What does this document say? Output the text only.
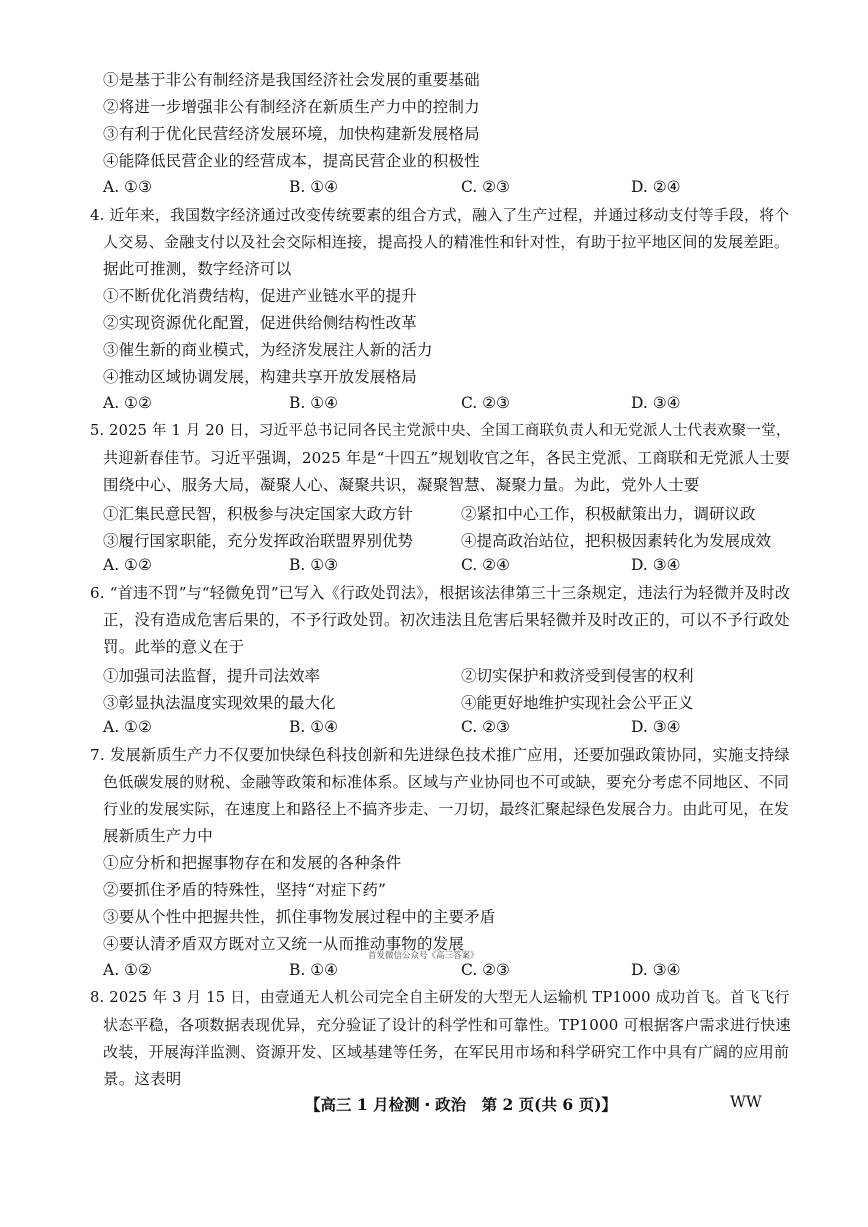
①是基于非公有制经济是我国经济社会发展的重要基础
②将进一步增强非公有制经济在新质生产力中的控制力
③有利于优化民营经济发展环境，加快构建新发展格局
④能降低民营企业的经营成本，提高民营企业的积极性
A. ①③	B. ①④	C. ②③	D. ②④
4. 近年来，我国数字经济通过改变传统要素的组合方式，融入了生产过程，并通过移动支付等手段，将个
人交易、金融支付以及社会交际相连接，提高投人的精准性和针对性，有助于拉平地区间的发展差距。
据此可推测，数字经济可以
①不断优化消费结构，促进产业链水平的提升
②实现资源优化配置，促进供给侧结构性改革
③催生新的商业模式，为经济发展注人新的活力
④推动区域协调发展，构建共享开放发展格局
A. ①②	B. ①④	C. ②③	D. ③④
5. 2025 年 1 月 20 日，习近平总书记同各民主党派中央、全国工商联负责人和无党派人士代表欢聚一堂，
共迎新春佳节。习近平强调，2025 年是“十四五”规划收官之年，各民主党派、工商联和无党派人士要
围绕中心、服务大局，凝聚人心、凝聚共识，凝聚智慧、凝聚力量。为此，党外人士要
①汇集民意民智，积极参与决定国家大政方针	②紧扣中心工作，积极献策出力，调研议政
③履行国家职能，充分发挥政治联盟界别优势	④提高政治站位，把积极因素转化为发展成效
A. ①②	B. ①③	C. ②④	D. ③④
6. “首违不罚”与“轻微免罚”已写入《行政处罚法》，根据该法律第三十三条规定，违法行为轻微并及时改
正，没有造成危害后果的，不予行政处罚。初次违法且危害后果轻微并及时改正的，可以不予行政处
罚。此举的意义在于
①加强司法监督，提升司法效率	②切实保护和救济受到侵害的权利
③彰显执法温度实现效果的最大化	④能更好地维护实现社会公平正义
A. ①②	B. ①④	C. ②③	D. ③④
7. 发展新质生产力不仅要加快绿色科技创新和先进绿色技术推广应用，还要加强政策协同，实施支持绿
色低碳发展的财税、金融等政策和标准体系。区域与产业协同也不可或缺，要充分考虑不同地区、不同
行业的发展实际，在速度上和路径上不搞齐步走、一刀切，最终汇聚起绿色发展合力。由此可见，在发
展新质生产力中
①应分析和把握事物存在和发展的各种条件
②要抓住矛盾的特殊性，坚持“对症下药”
③要从个性中把握共性，抓住事物发展过程中的主要矛盾
④要认清矛盾双方既对立又统一从而推动事物的发展
首发微信公众号《高三答案》
A. ①②	B. ①④	C. ②③	D. ③④
8. 2025 年 3 月 15 日，由壹通无人机公司完全自主研发的大型无人运输机 TP1000 成功首飞。首飞飞行
状态平稳，各项数据表现优异，充分验证了设计的科学性和可靠性。TP1000 可根据客户需求进行快速
改装，开展海洋监测、资源开发、区域基建等任务，在军民用市场和科学研究工作中具有广阔的应用前
景。这表明
【高三 1 月检测・政治　第 2 页(共 6 页)】	WW
